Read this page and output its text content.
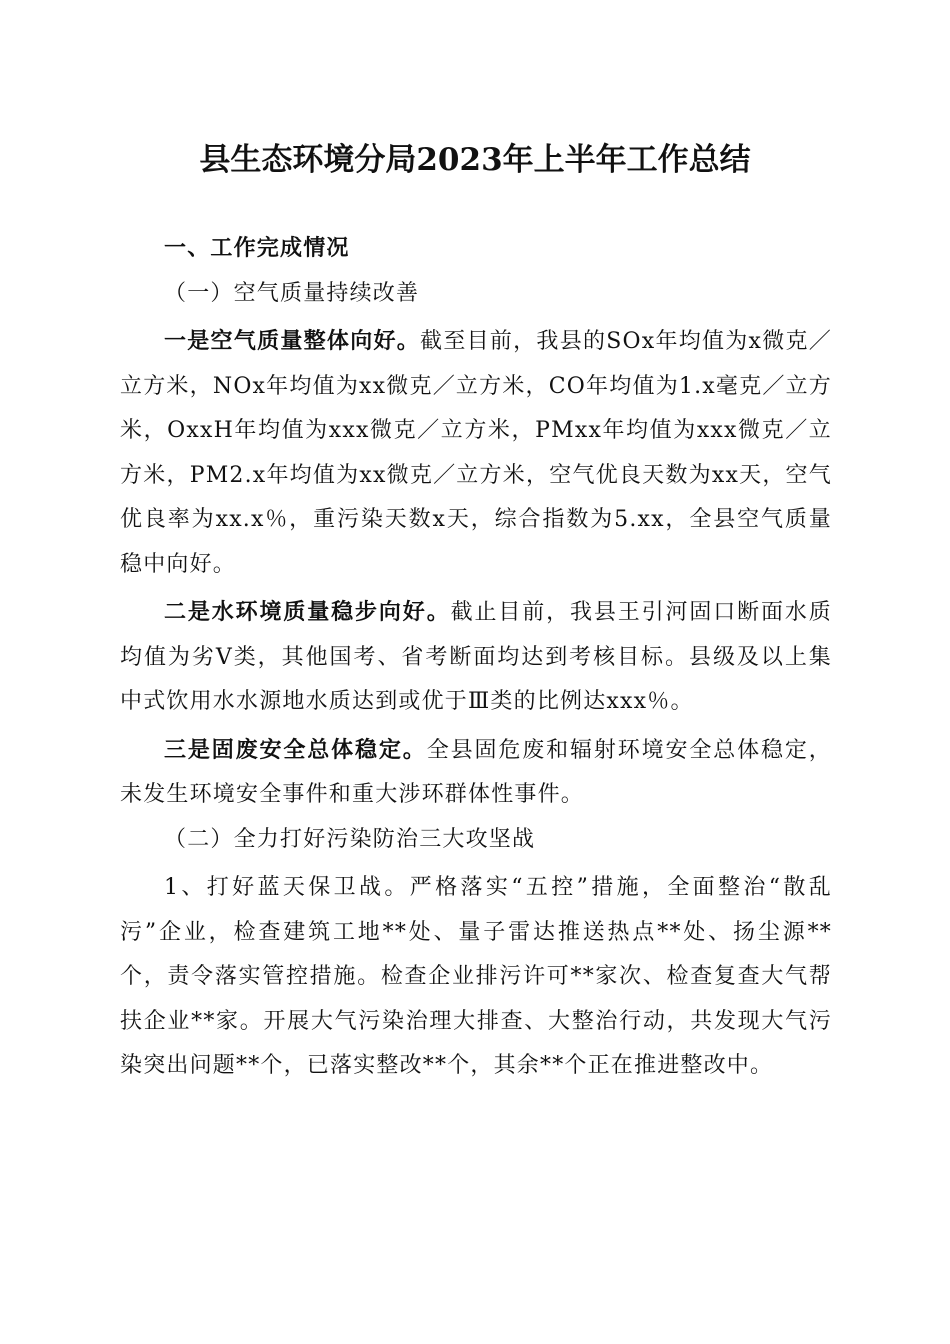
县生态环境分局2023年上半年工作总结

一、工作完成情况

（一）空气质量持续改善

一是空气质量整体向好。截至目前，我县的SOx年均值为x微克／立方米，NOx年均值为xx微克／立方米，CO年均值为1.x毫克／立方米，OxxH年均值为xxx微克／立方米，PMxx年均值为xxx微克／立方米，PM2.x年均值为xx微克／立方米，空气优良天数为xx天，空气优良率为xx.x％，重污染天数x天，综合指数为5.xx，全县空气质量稳中向好。

二是水环境质量稳步向好。截止目前，我县王引河固口断面水质均值为劣Ⅴ类，其他国考、省考断面均达到考核目标。县级及以上集中式饮用水水源地水质达到或优于Ⅲ类的比例达xxx％。

三是固废安全总体稳定。全县固危废和辐射环境安全总体稳定，未发生环境安全事件和重大涉环群体性事件。

（二）全力打好污染防治三大攻坚战

1、打好蓝天保卫战。严格落实“五控”措施，全面整治“散乱污”企业，检查建筑工地**处、量子雷达推送热点**处、扬尘源**个，责令落实管控措施。检查企业排污许可**家次、检查复查大气帮扶企业**家。开展大气污染治理大排查、大整治行动，共发现大气污染突出问题**个，已落实整改**个，其余**个正在推进整改中。
